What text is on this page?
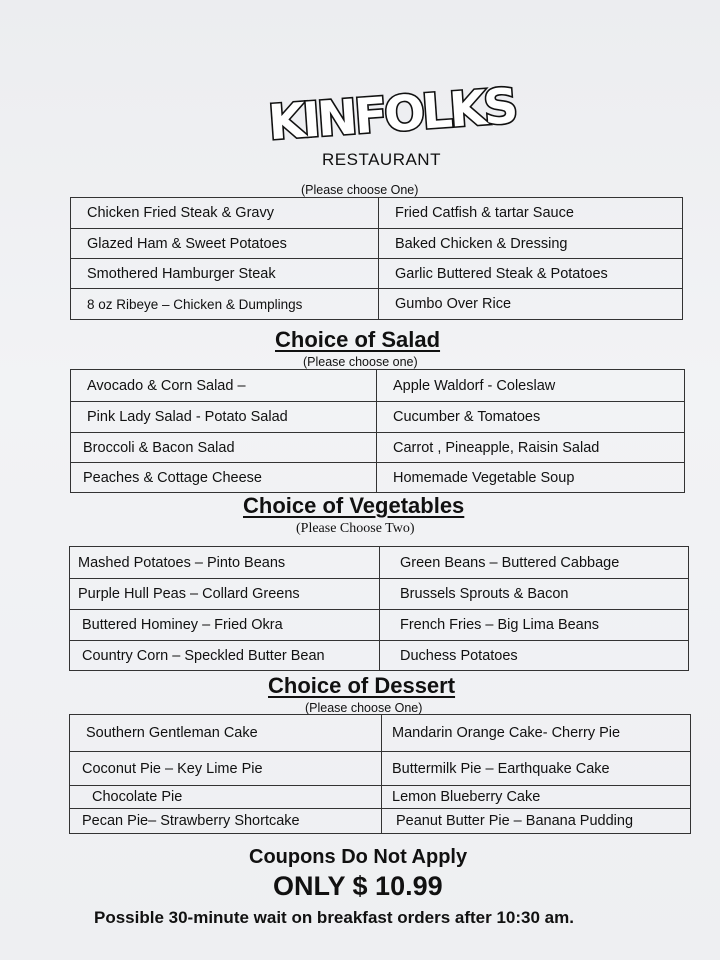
KINFOLKS
RESTAURANT
(Please choose One)
Chicken Fried Steak & Gravy	Fried Catfish & tartar Sauce
Glazed Ham & Sweet Potatoes	Baked Chicken & Dressing
Smothered Hamburger Steak	Garlic Buttered Steak & Potatoes
8 oz Ribeye – Chicken & Dumplings	Gumbo Over Rice
Choice of Salad
(Please choose one)
Avocado & Corn Salad –	Apple Waldorf - Coleslaw
Pink Lady Salad - Potato Salad	Cucumber & Tomatoes
Broccoli & Bacon Salad	Carrot , Pineapple, Raisin Salad
Peaches & Cottage Cheese	Homemade Vegetable Soup
Choice of Vegetables
(Please Choose Two)
Mashed Potatoes – Pinto Beans	Green Beans – Buttered Cabbage
Purple Hull Peas – Collard Greens	Brussels Sprouts & Bacon
Buttered Hominey – Fried Okra	French Fries – Big Lima Beans
Country Corn – Speckled Butter Bean	Duchess Potatoes
Choice of Dessert
(Please choose One)
Southern Gentleman Cake	Mandarin Orange Cake- Cherry Pie
Coconut Pie – Key Lime Pie	Buttermilk Pie – Earthquake Cake
Chocolate Pie	Lemon Blueberry Cake
Pecan Pie– Strawberry Shortcake	Peanut Butter Pie – Banana Pudding
Coupons Do Not Apply
ONLY $ 10.99
Possible 30-minute wait on breakfast orders after 10:30 am.
